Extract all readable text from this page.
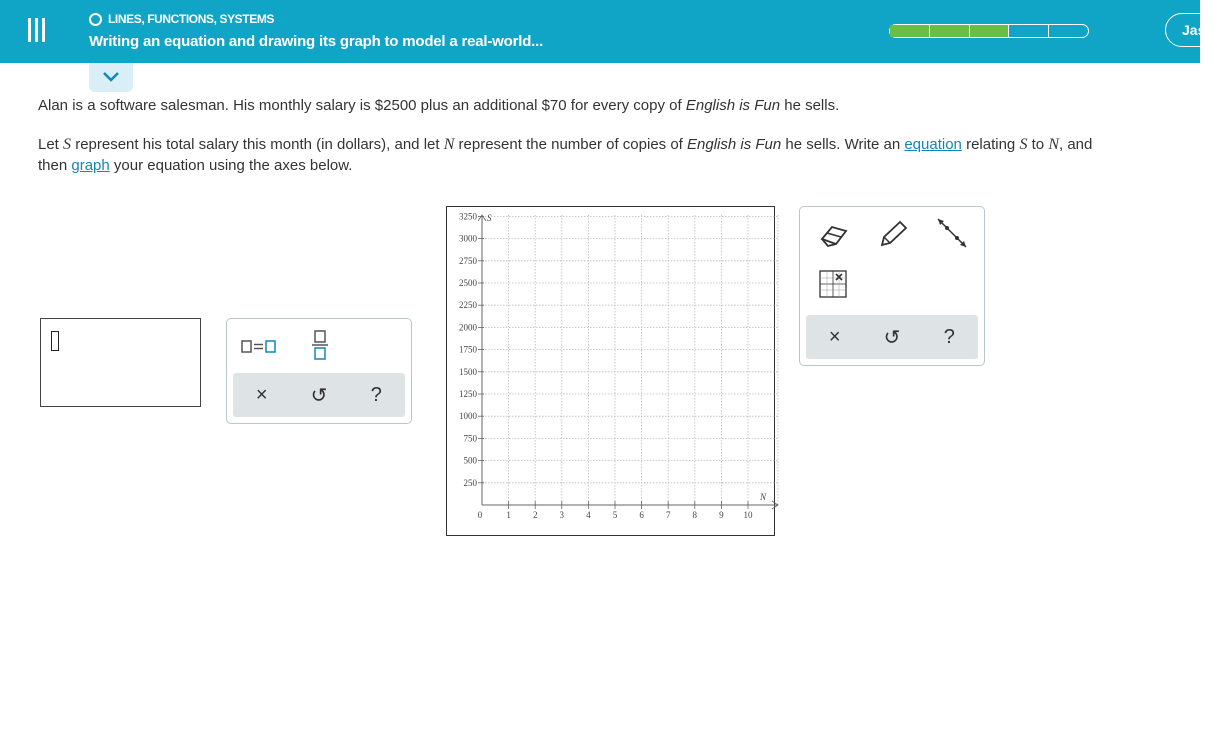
LINES, FUNCTIONS, SYSTEMS
Writing an equation and drawing its graph to model a real-world...
Jas
Alan is a software salesman. His monthly salary is $2500 plus an additional $70 for every copy of English is Fun he sells.
Let S represent his total salary this month (in dollars), and let N represent the number of copies of English is Fun he sells. Write an equation relating S to N, and
then graph your equation using the axes below.
×	↺	?
3250
3000
2750
2500
2250
2000
1750
1500
1250
1000
750
500
250
0	1 2 3 4 5 6 7 8 9 10
S
N
×	↺	?
